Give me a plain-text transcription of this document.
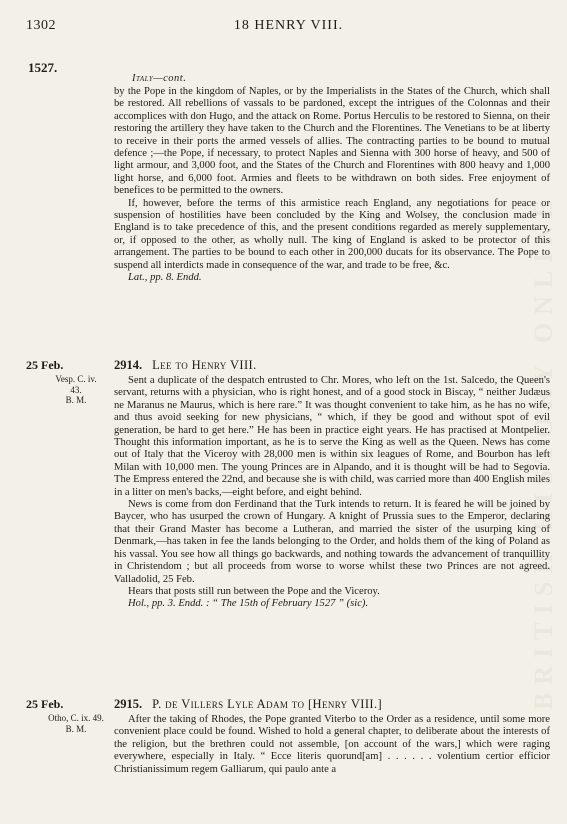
BRITISH HISTORY ONLINE
1302	18 HENRY VIII.
1527.
Italy—cont.

by the Pope in the kingdom of Naples, or by the Imperialists in the States of the Church, which shall be restored. All rebellions of vassals to be pardoned, except the intrigues of the Colonnas and their accomplices with don Hugo, and the attack on Rome. Portus Herculis to be restored to Sienna, on their restoring the artillery they have taken to the Church and the Florentines. The Venetians to be at liberty to receive in their ports the armed vessels of allies. The contracting parties to be bound to mutual defence ;—the Pope, if necessary, to protect Naples and Sienna with 300 horse of heavy, and 500 of light armour, and 3,000 foot, and the States of the Church and Florentines with 800 heavy and 1,000 light horse, and 6,000 foot. Armies and fleets to be withdrawn on both sides. Free enjoyment of benefices to be permitted to the owners.

If, however, before the terms of this armistice reach England, any negotiations for peace or suspension of hostilities have been concluded by the King and Wolsey, the conclusion made in England is to take precedence of this, and the present conditions regarded as merely supplementary, or, if opposed to the other, as wholly null. The king of England is asked to be protector of this arrangement. The parties to be bound to each other in 200,000 ducats for its observance. The Pope to suspend all interdicts made in consequence of the war, and trade to be free, &c.

Lat., pp. 8. Endd.

25 Feb.
Vesp. C. iv.
43.
B. M.
2914. Lee to Henry VIII.

Sent a duplicate of the despatch entrusted to Chr. Mores, who left on the 1st. Salcedo, the Queen's servant, returns with a physician, who is right honest, and of a good stock in Biscay, “ neither Judæus ne Maranus ne Maurus, which is here rare.” It was thought convenient to take him, as he has no wife, and thus avoid seeking for new physicians, “ which, if they be good and without spot of evil generation, be hard to get here.” He has been in practice eight years. He has practised at Montpelier. Thought this information important, as he is to serve the King as well as the Queen. News has come out of Italy that the Viceroy with 28,000 men is within six leagues of Rome, and Bourbon has left Milan with 10,000 men. The young Princes are in Alpando, and it is thought will be had to Segovia. The Empress entered the 22nd, and because she is with child, was carried more than 400 English miles in a litter on men's backs,—eight before, and eight behind.

News is come from don Ferdinand that the Turk intends to return. It is feared he will be joined by Baycer, who has usurped the crown of Hungary. A knight of Prussia sues to the Emperor, declaring that their Grand Master has become a Lutheran, and married the sister of the usurping king of Denmark,—has taken in fee the lands belonging to the Order, and holds them of the king of Poland as his vassal. You see how all things go backwards, and nothing towards the advancement of tranquillity in Christendom ; but all proceeds from worse to worse whilst these two Princes are not agreed. Valladolid, 25 Feb.

Hears that posts still run between the Pope and the Viceroy.

Hol., pp. 3. Endd. : “ The 15th of February 1527 ” (sic).

25 Feb.
Otho, C. ix. 49.
B. M.
2915. P. de Villers Lyle Adam to [Henry VIII.]

After the taking of Rhodes, the Pope granted Viterbo to the Order as a residence, until some more convenient place could be found. Wished to hold a general chapter, to deliberate about the interests of the religion, but the brethren could not assemble, [on account of the wars,] which were raging everywhere, especially in Italy. “ Ecce literis quorund[am] . . . . . . volentium certior efficior Christianissimum regem Galliarum, qui paulo ante a
